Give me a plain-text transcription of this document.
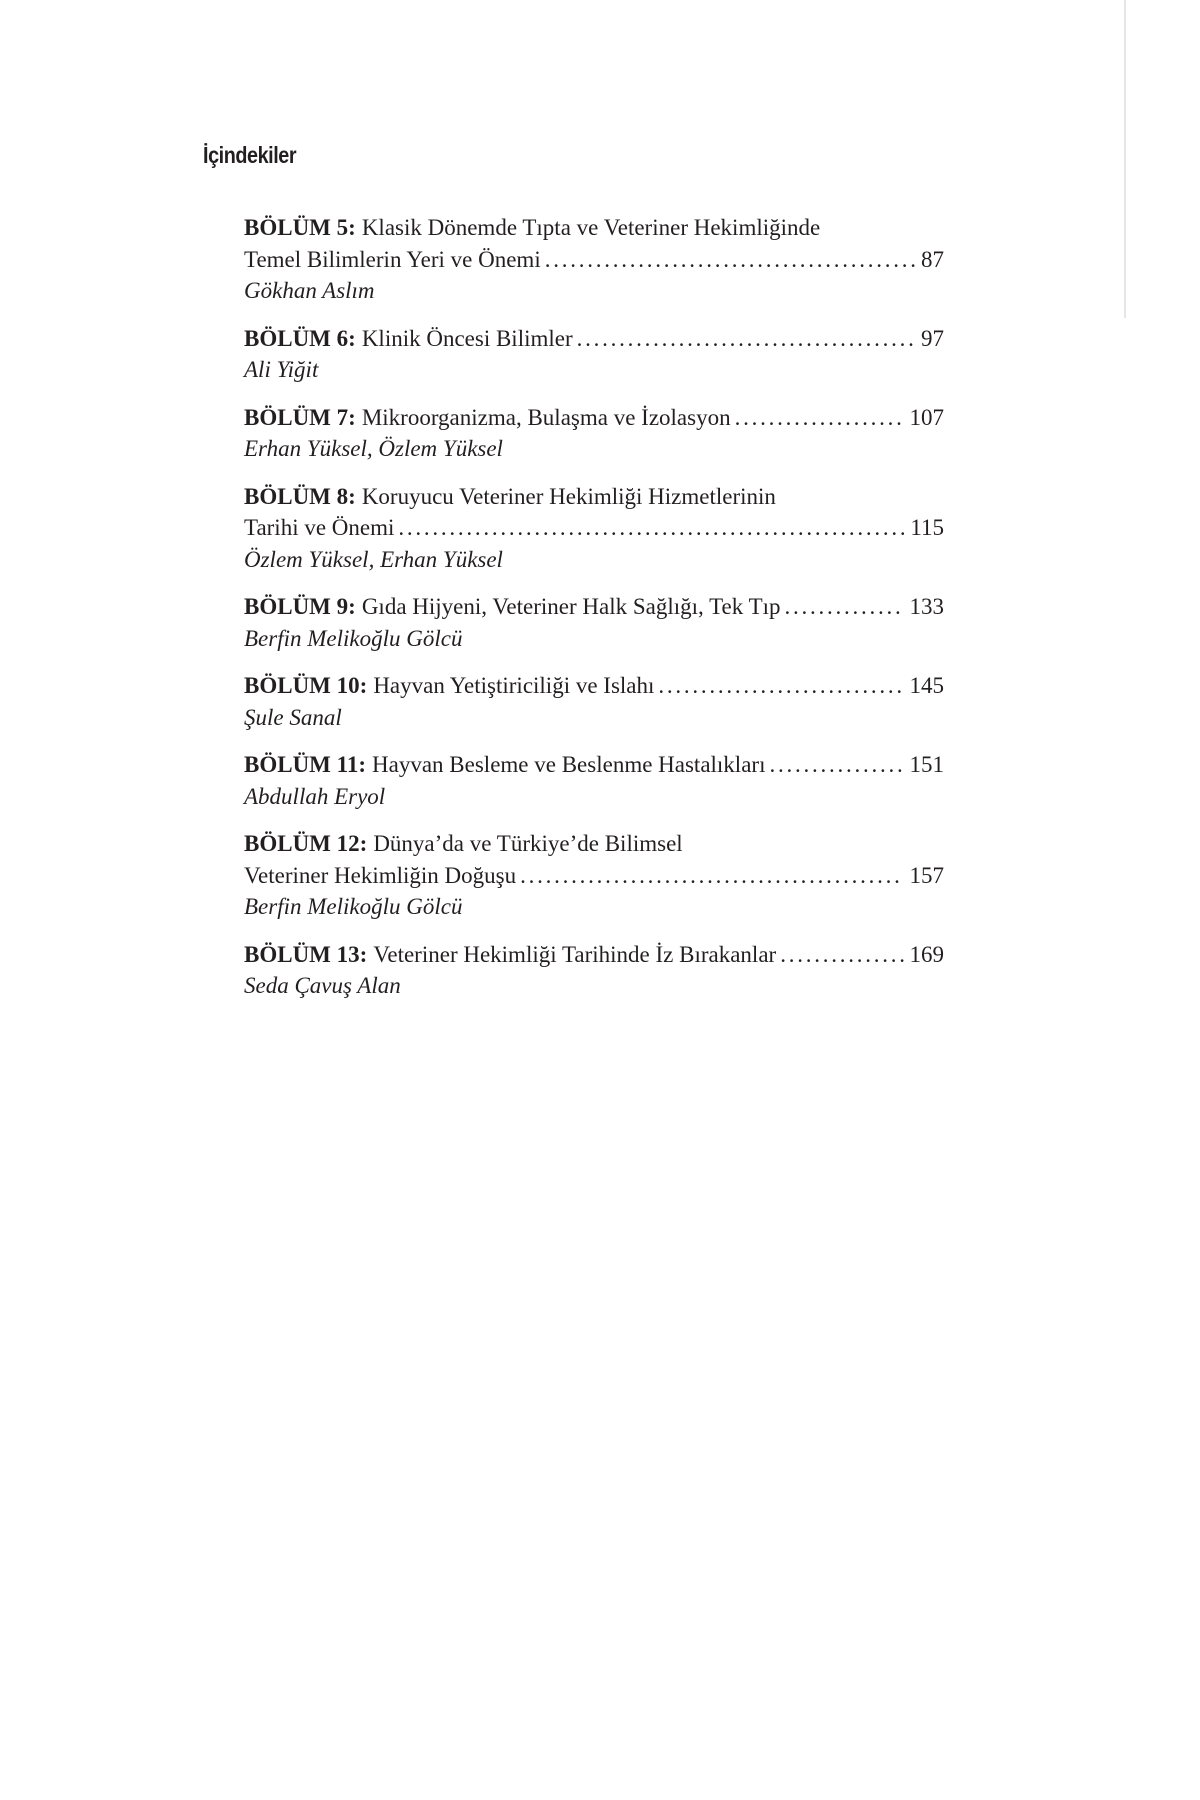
İçindekiler
BÖLÜM 5: Klasik Dönemde Tıpta ve Veteriner Hekimliğinde
Temel Bilimlerin Yeri ve Önemi . . .	87
Gökhan Aslım
BÖLÜM 6: Klinik Öncesi Bilimler . . .	97
Ali Yiğit
BÖLÜM 7: Mikroorganizma, Bulaşma ve İzolasyon . . .	107
Erhan Yüksel, Özlem Yüksel
BÖLÜM 8: Koruyucu Veteriner Hekimliği Hizmetlerinin
Tarihi ve Önemi . . .	115
Özlem Yüksel, Erhan Yüksel
BÖLÜM 9: Gıda Hijyeni, Veteriner Halk Sağlığı, Tek Tıp . . .	133
Berfin Melikoğlu Gölcü
BÖLÜM 10: Hayvan Yetiştiriciliği ve Islahı . . .	145
Şule Sanal
BÖLÜM 11: Hayvan Besleme ve Beslenme Hastalıkları . . .	151
Abdullah Eryol
BÖLÜM 12: Dünya’da ve Türkiye’de Bilimsel
Veteriner Hekimliğin Doğuşu . . .	157
Berfin Melikoğlu Gölcü
BÖLÜM 13: Veteriner Hekimliği Tarihinde İz Bırakanlar . . .	169
Seda Çavuş Alan
